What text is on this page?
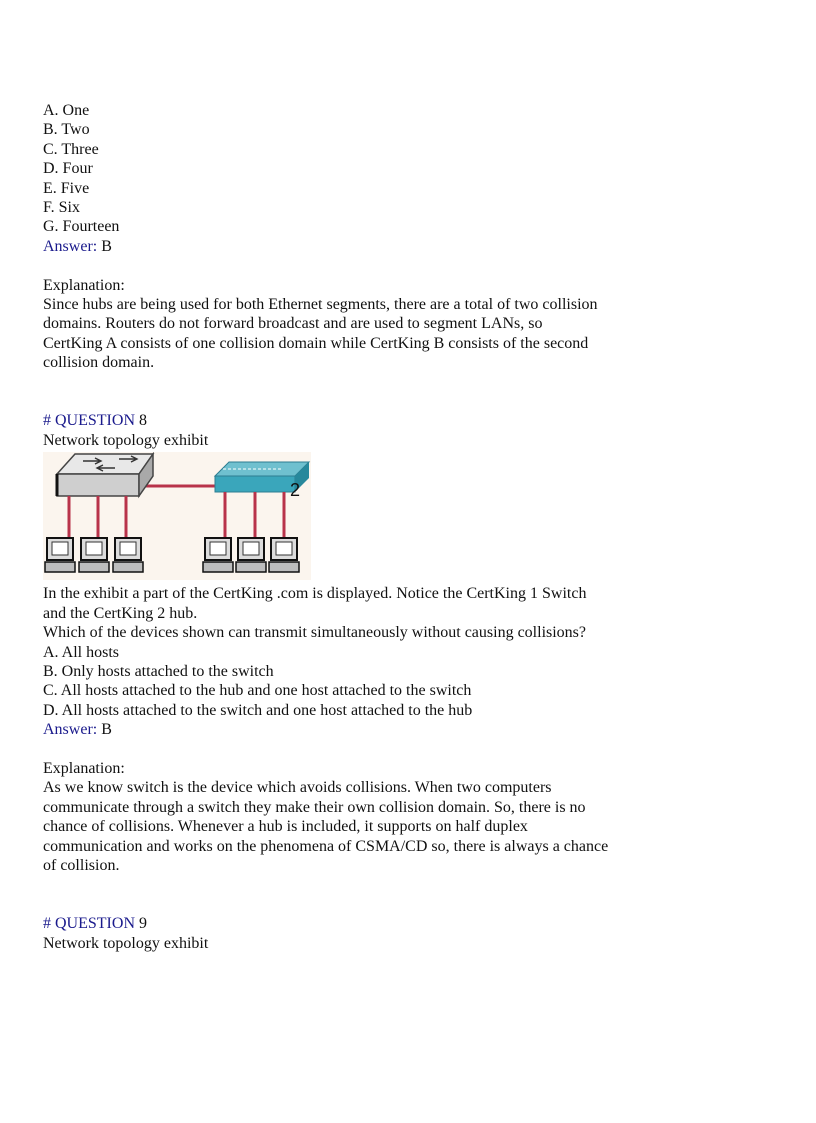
A. One
B. Two
C. Three
D. Four
E. Five
F. Six
G. Fourteen
Answer: B
Explanation:
Since hubs are being used for both Ethernet segments, there are a total of two collision
domains. Routers do not forward broadcast and are used to segment LANs, so
CertKing A consists of one collision domain while CertKing B consists of the second
collision domain.
# QUESTION 8
Network topology exhibit
2
In the exhibit a part of the CertKing .com is displayed. Notice the CertKing 1 Switch
and the CertKing 2 hub.
Which of the devices shown can transmit simultaneously without causing collisions?
A. All hosts
B. Only hosts attached to the switch
C. All hosts attached to the hub and one host attached to the switch
D. All hosts attached to the switch and one host attached to the hub
Answer: B
Explanation:
As we know switch is the device which avoids collisions. When two computers
communicate through a switch they make their own collision domain. So, there is no
chance of collisions. Whenever a hub is included, it supports on half duplex
communication and works on the phenomena of CSMA/CD so, there is always a chance
of collision.
# QUESTION 9
Network topology exhibit
